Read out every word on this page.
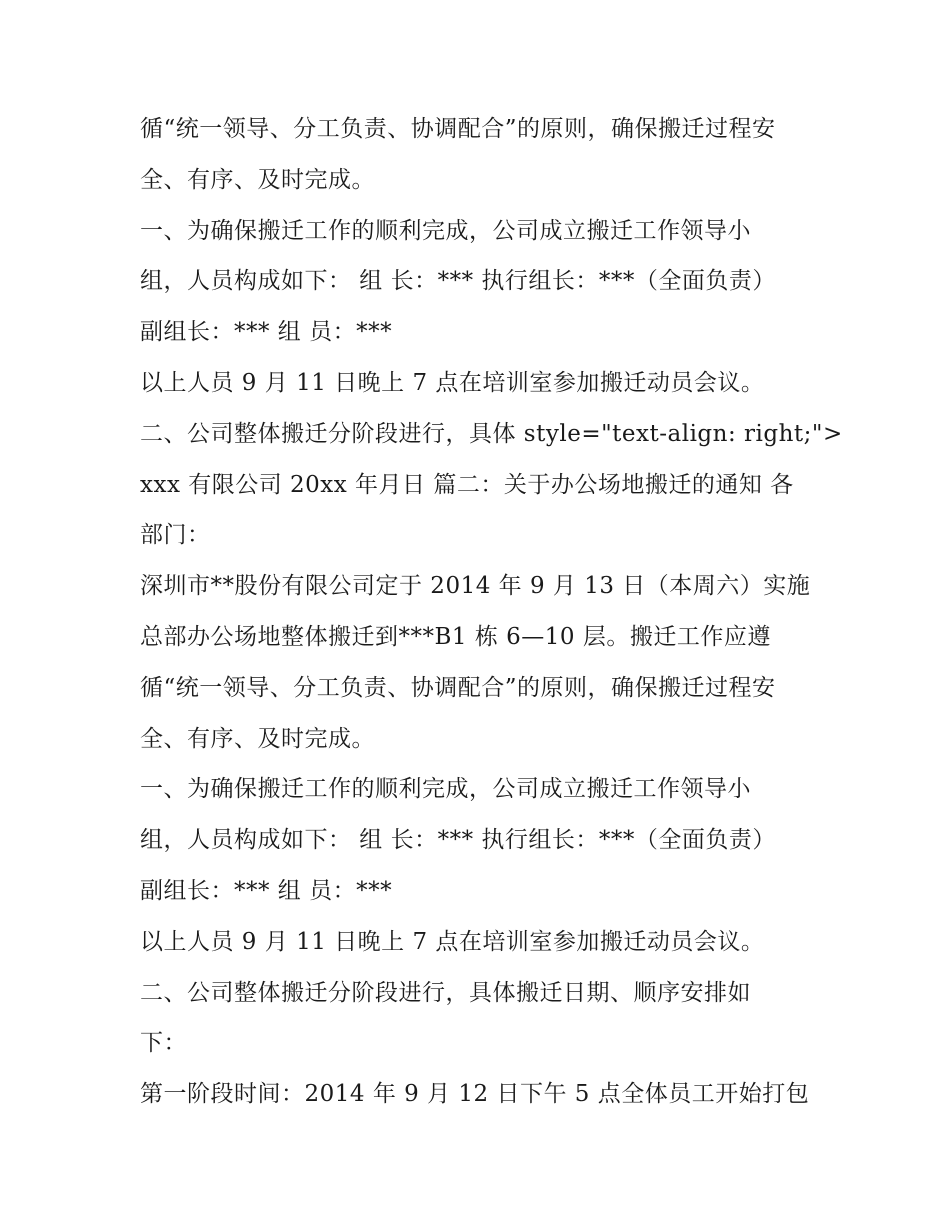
循“统一领导、分工负责、协调配合”的原则，确保搬迁过程安
全、有序、及时完成。
一、为确保搬迁工作的顺利完成，公司成立搬迁工作领导小
组，人员构成如下： 组 长：*** 执行组长：***（全面负责）
副组长：*** 组 员：***
以上人员 9 月 11 日晚上 7 点在培训室参加搬迁动员会议。
二、公司整体搬迁分阶段进行，具体 style="text-align: right;">
xxx 有限公司 20xx 年月日 篇二：关于办公场地搬迁的通知 各
部门：
深圳市**股份有限公司定于 2014 年 9 月 13 日（本周六）实施
总部办公场地整体搬迁到***B1 栋 6—10 层。搬迁工作应遵
循“统一领导、分工负责、协调配合”的原则，确保搬迁过程安
全、有序、及时完成。
一、为确保搬迁工作的顺利完成，公司成立搬迁工作领导小
组，人员构成如下： 组 长：*** 执行组长：***（全面负责）
副组长：*** 组 员：***
以上人员 9 月 11 日晚上 7 点在培训室参加搬迁动员会议。
二、公司整体搬迁分阶段进行，具体搬迁日期、顺序安排如
下：
第一阶段时间：2014 年 9 月 12 日下午 5 点全体员工开始打包
